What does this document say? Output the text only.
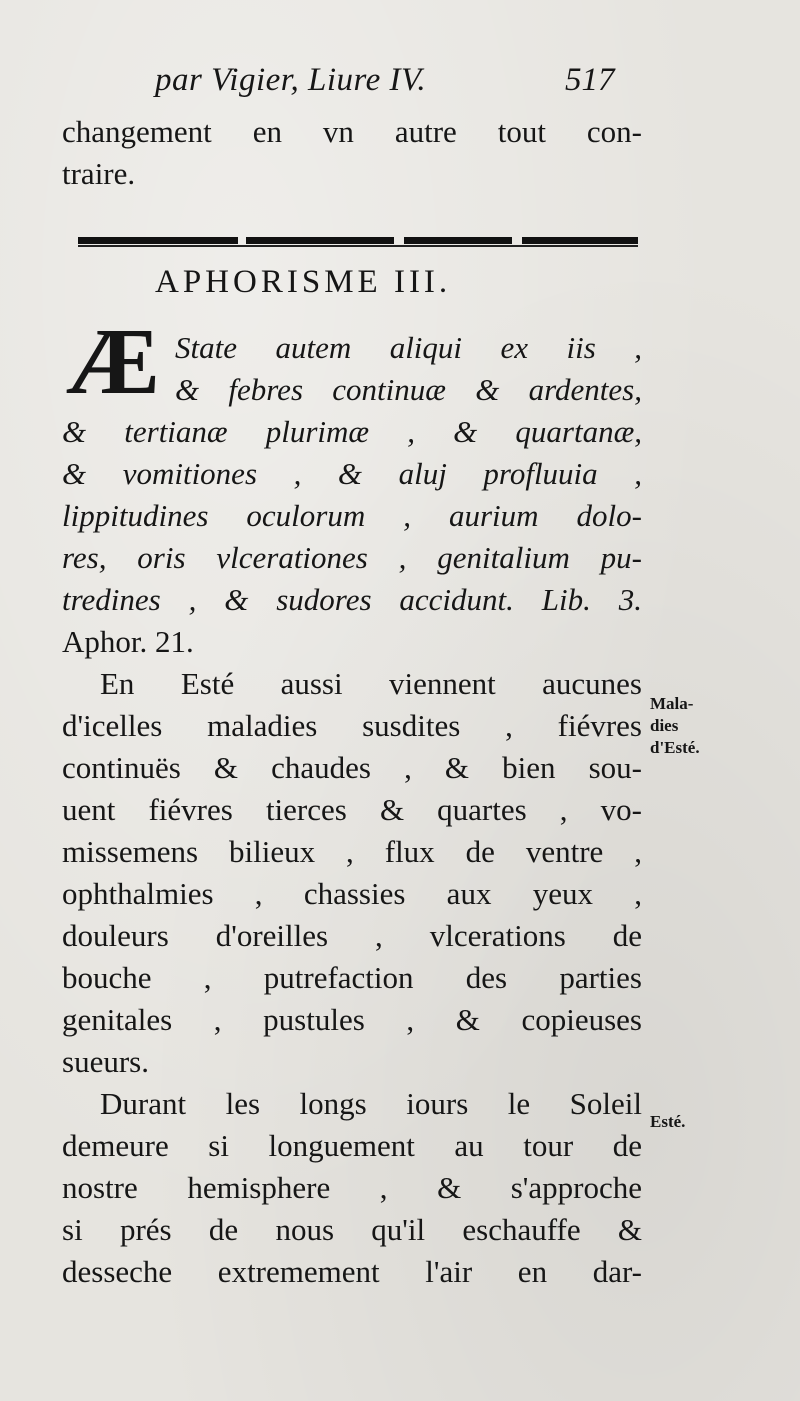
par Vigier, Liure IV.	517
changement en vn autre tout con-
traire.
APHORISME III.
Æ State autem aliqui ex iis ,
& febres continuæ & ardentes,
& tertianæ plurimæ , & quartanæ,
& vomitiones , & aluj profluuia ,
lippitudines oculorum , aurium dolo-
res, oris vlcerationes , genitalium pu-
tredines , & sudores accidunt. Lib. 3.
Aphor. 21.
En Esté aussi viennent aucunes
d'icelles maladies susdites , fiévres
continuës & chaudes , & bien sou-
uent fiévres tierces & quartes , vo-
missemens bilieux , flux de ventre ,
ophthalmies , chassies aux yeux ,
douleurs d'oreilles , vlcerations de
bouche , putrefaction des parties
genitales , pustules , & copieuses
sueurs.
Durant les longs iours le Soleil
demeure si longuement au tour de
nostre hemisphere , & s'approche
si prés de nous qu'il eschauffe &
desseche extremement l'air en dar-
Mala-
dies
d'Esté.
Esté.
